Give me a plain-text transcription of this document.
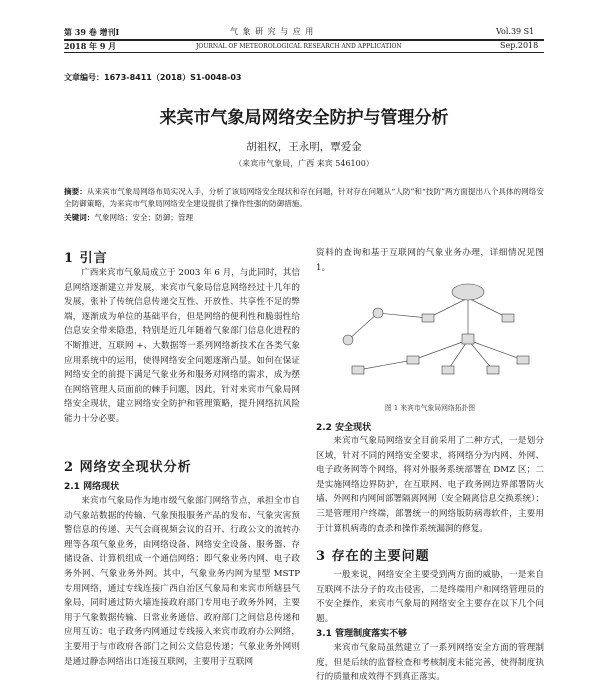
第 39 卷 增刊Ⅰ	气 象 研 究 与 应 用	Vol.39 S1
2018 年 9 月	JOURNAL OF METEOROLOGICAL RESEARCH AND APPLICATION	Sep.2018
文章编号：1673-8411（2018）S1-0048-03
来宾市气象局网络安全防护与管理分析
胡祖权，王永明，覃爱金
（来宾市气象局，广西 来宾 546100）
摘要：从来宾市气象局网络布局实况入手，分析了该局网络安全现状和存在问题，针对存在问题从“人防”和“技防”两方面提出八个具体的网络安全防御策略，为来宾市气象局网络安全建设提供了操作性强的防御措施。
关键词：气象网络；安全；防御；管理
1 引言

广西来宾市气象局成立于 2003 年 6 月，与此同时，其信息网络逐渐建立并发展，来宾市气象局信息网络经过十几年的发展，张补了传统信息传递交互性、开放性、共享性不足的弊端，逐渐成为单位的基础平台，但是网络的便利性和脆弱性给信息安全带来隐患，特别是近几年随着气象部门信息化进程的不断推进，互联网 +、大数据等一系列网络新技术在各类气象应用系统中的运用，使得网络安全问题逐渐凸显。如何在保证网络安全的前提下满足气象业务和服务对网络的需求，成为摆在网络管理人员面前的棘手问题，因此，针对来宾市气象局网络安全现状，建立网络安全防护和管理策略，提升网络抗风险能力十分必要。

2 网络安全现状分析
2.1 网络现状

来宾市气象局作为地市级气象部门网络节点，承担全市自动气象站数据的传输、气象预报服务产品的发布、气象灾害预警信息的传递、天气会商视频会议的召开、行政公文的流转办理等各项气象业务，由网络设备、网络安全设备、服务器、存储设备、计算机组成一个通信网络；即气象业务内网、电子政务外网、气象业务外网。其中，气象业务内网为星型 MSTP 专用网络，通过专线连接广西自治区气象局和来宾市所辖县气象局，同时通过防火墙连接政府部门专用电子政务外网，主要用于气象数据传输、日常业务通信、政府部门之间信息传递和应用互访；电子政务内网通过专线接入来宾市政府办公网络，主要用于与市政府各部门之间公文信息传递；气象业务外网则是通过静态网络出口连接互联网，主要用于互联网

资料的查询和基于互联网的气象业务办理，详细情况见图 1。

图 1 来宾市气象局网络拓扑图
2.2 安全现状

来宾市气象局网络安全目前采用了二种方式，一是划分区域，针对不同的网络安全要求，将网络分为内网、外网、电子政务网等个网络，将对外服务系统部署在 DMZ 区；二是实施网络边界防护，在互联网、电子政务网边界部署防火墙、外网和内网间部署隔离网闸（安全隔离信息交换系统）；三是管理用户终端，部署统一的网络版防病毒软件，主要用于计算机病毒的查杀和操作系统漏洞的修复。

3 存在的主要问题

一般来说，网络安全主要受到两方面的威胁，一是来自互联网不法分子的攻击侵害，二是终端用户和网络管理员的不安全操作，来宾市气象局的网络安全主要存在以下几个问题。

3.1 管理制度落实不够

来宾市气象局虽然建立了一系列网络安全方面的管理制度，但是后续的监督检查和考核制度未能完善，使得制度执行的质量和成效得不到真正落实。
